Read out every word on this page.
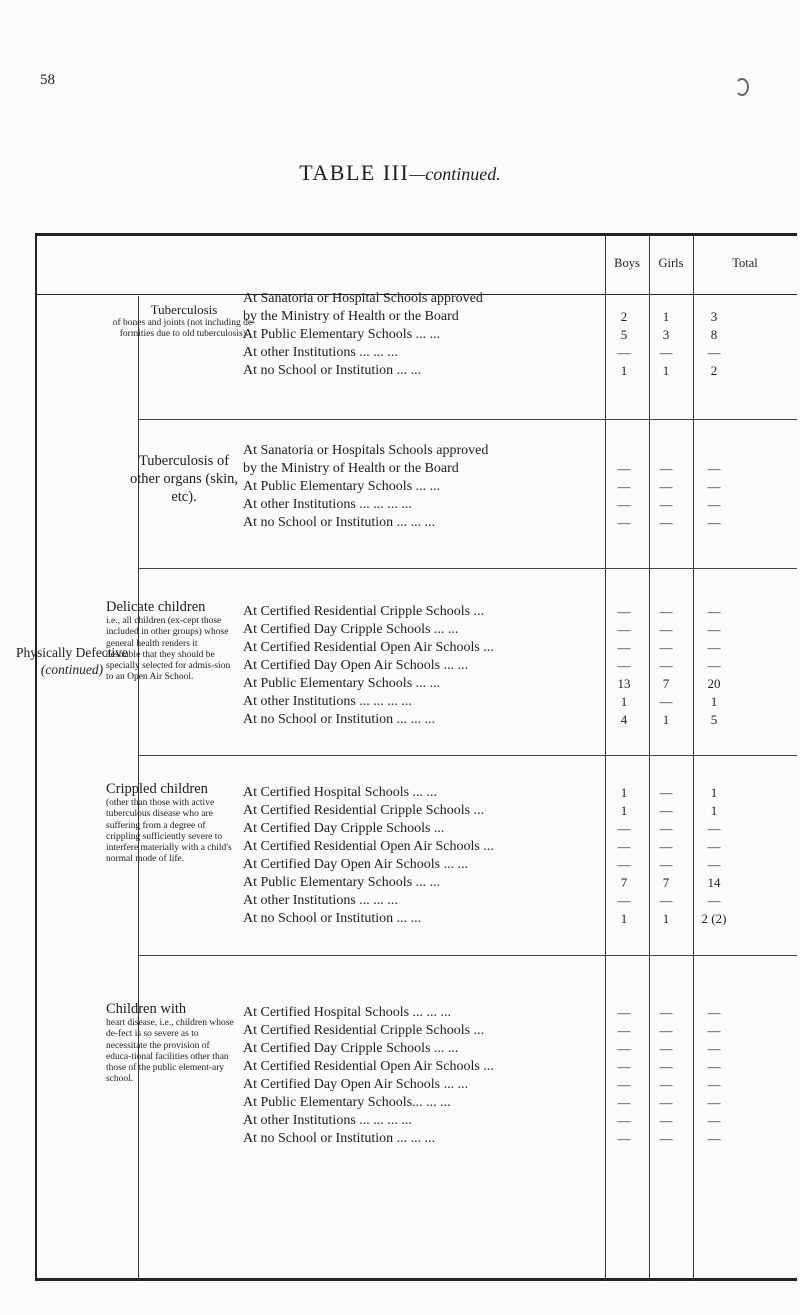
58
TABLE III—continued.
Boys	Girls	Total
Physically Defective
(continued)
Tuberculosis
of bones and joints (not including de-formities due to old tuberculosis).
At Sanatoria or Hospital Schools approved
by the Ministry of Health or the Board
At Public Elementary Schools ... ...
At other Institutions ... ... ...
At no School or Institution ... ...

2
5
—
1

1
3
—
1

3
8
—
2
Tuberculosis of other organs (skin, etc).
At Sanatoria or Hospitals Schools approved
by the Ministry of Health or the Board
At Public Elementary Schools ... ...
At other Institutions ... ... ... ...
At no School or Institution ... ... ...

—
—
—
—

—
—
—
—

—
—
—
—
Delicate children
i.e., all children (ex-cept those included in other groups) whose general health renders it desirable that they should be specially selected for admis-sion to an Open Air School.
At Certified Residential Cripple Schools ...
At Certified Day Cripple Schools ... ...
At Certified Residential Open Air Schools ...
At Certified Day Open Air Schools ... ...
At Public Elementary Schools ... ...
At other Institutions ... ... ... ...
At no School or Institution ... ... ...
—
—
—
—
13
1
4
—
—
—
—
7
—
1
—
—
—
—
20
1
5
Crippled children
(other than those with active tuberculous disease who are suffering from a degree of crippling sufficiently severe to interfere materially with a child's normal mode of life.
At Certified Hospital Schools ... ...
At Certified Residential Cripple Schools ...
At Certified Day Cripple Schools ...
At Certified Residential Open Air Schools ...
At Certified Day Open Air Schools ... ...
At Public Elementary Schools ... ...
At other Institutions ... ... ...
At no School or Institution ... ...
1
1
—
—
—
7
—
1
—
—
—
—
—
7
—
1
1
1
—
—
—
14
—
2 (2)
Children with
heart disease, i.e., children whose de-fect is so severe as to necessitate the provision of educa-tional facilities other than those of the public element-ary school.
At Certified Hospital Schools ... ... ...
At Certified Residential Cripple Schools ...
At Certified Day Cripple Schools ... ...
At Certified Residential Open Air Schools ...
At Certified Day Open Air Schools ... ...
At Public Elementary Schools... ... ...
At other Institutions ... ... ... ...
At no School or Institution ... ... ...
—
—
—
—
—
—
—
—
—
—
—
—
—
—
—
—
—
—
—
—
—
—
—
—
